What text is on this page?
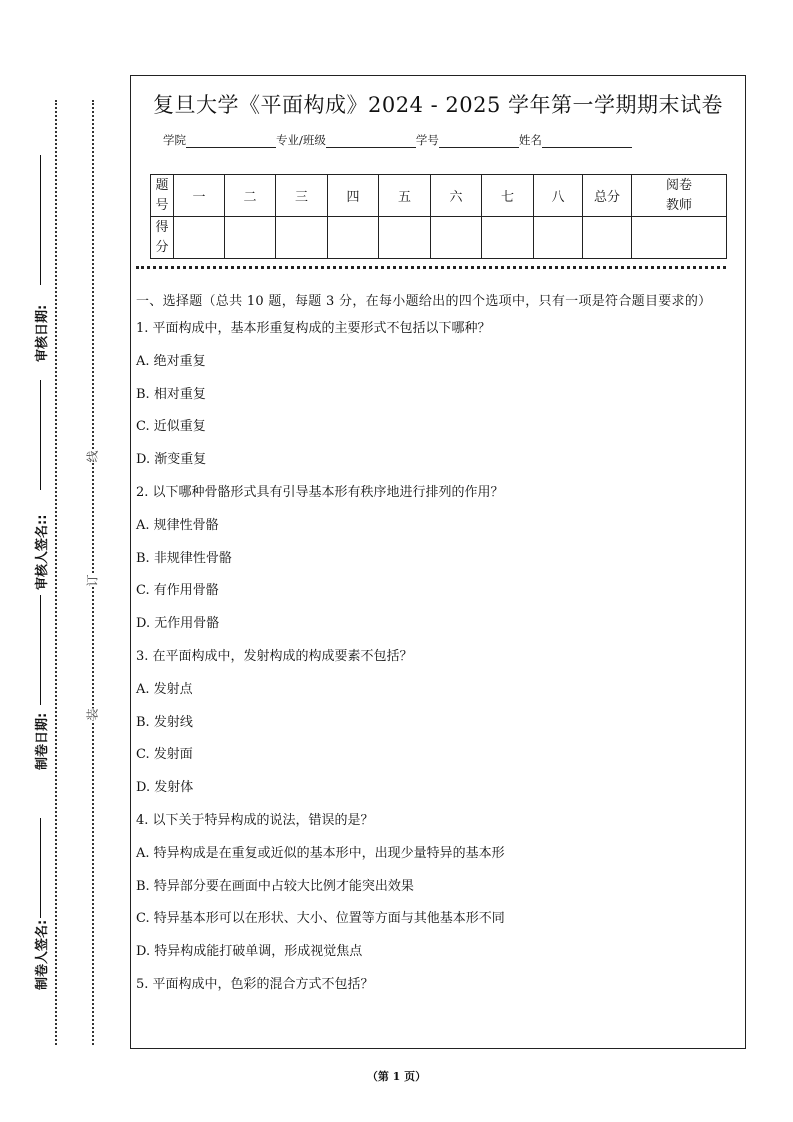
制卷人签名:
制卷日期:
审核人签名::
审核日期:
装
订
线
复旦大学《平面构成》2024 - 2025 学年第一学期期末试卷
学院	专业/班级	学号	姓名
题号	一	二	三	四	五	六	七	八	总分	阅卷教师
得分										
一、选择题（总共 10 题，每题 3 分，在每小题给出的四个选项中，只有一项是符合题目要求的）
1. 平面构成中，基本形重复构成的主要形式不包括以下哪种？
A. 绝对重复
B. 相对重复
C. 近似重复
D. 渐变重复
2. 以下哪种骨骼形式具有引导基本形有秩序地进行排列的作用？
A. 规律性骨骼
B. 非规律性骨骼
C. 有作用骨骼
D. 无作用骨骼
3. 在平面构成中，发射构成的构成要素不包括？
A. 发射点
B. 发射线
C. 发射面
D. 发射体
4. 以下关于特异构成的说法，错误的是？
A. 特异构成是在重复或近似的基本形中，出现少量特异的基本形
B. 特异部分要在画面中占较大比例才能突出效果
C. 特异基本形可以在形状、大小、位置等方面与其他基本形不同
D. 特异构成能打破单调，形成视觉焦点
5. 平面构成中，色彩的混合方式不包括？
（第 1 页）
